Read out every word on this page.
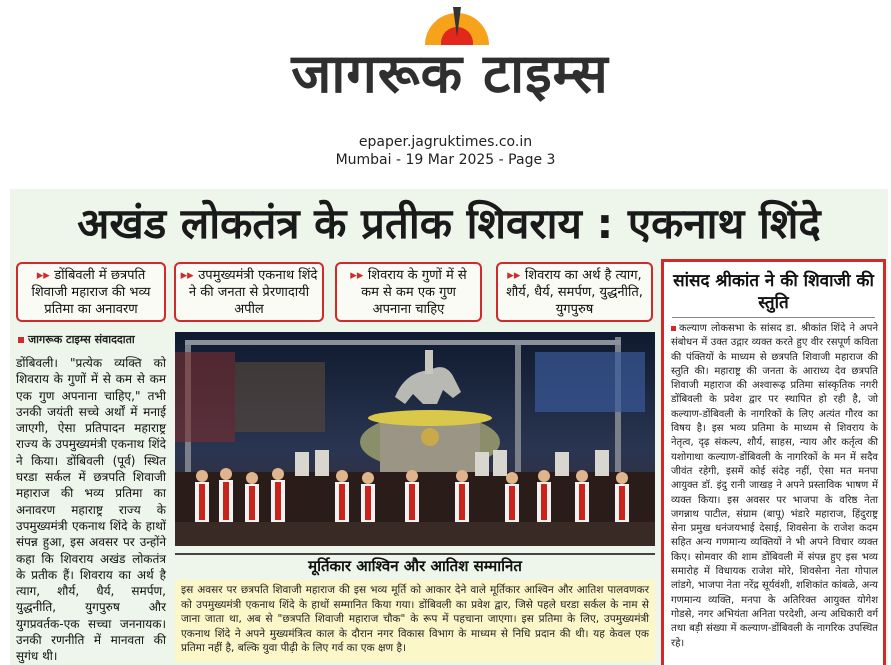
जागरूक टाइम्स
epaper.jagruktimes.co.in
Mumbai - 19 Mar 2025 - Page 3
अखंड लोकतंत्र के प्रतीक शिवराय : एकनाथ शिंदे
▸▸ डोंबिवली में छत्रपति शिवाजी महाराज की भव्य प्रतिमा का अनावरण
▸▸ उपमुख्यमंत्री एकनाथ शिंदे ने की जनता से प्रेरणादायी अपील
▸▸ शिवराय के गुणों में से कम से कम एक गुण अपनाना चाहिए
▸▸ शिवराय का अर्थ है त्याग, शौर्य, धैर्य, समर्पण, युद्धनीति, युगपुरुष
जागरूक टाइम्स संवाददाता
डोंबिवली। "प्रत्येक व्यक्ति को शिवराय के गुणों में से कम से कम एक गुण अपनाना चाहिए," तभी उनकी जयंती सच्चे अर्थों में मनाई जाएगी, ऐसा प्रतिपादन महाराष्ट्र राज्य के उपमुख्यमंत्री एकनाथ शिंदे ने किया। डोंबिवली (पूर्व) स्थित घरडा सर्कल में छत्रपति शिवाजी महाराज की भव्य प्रतिमा का अनावरण महाराष्ट्र राज्य के उपमुख्यमंत्री एकनाथ शिंदे के हाथों संपन्न हुआ, इस अवसर पर उन्होंने कहा कि शिवराय अखंड लोकतंत्र के प्रतीक हैं। शिवराय का अर्थ है त्याग, शौर्य, धैर्य, समर्पण, युद्धनीति, युगपुरुष और युगप्रवर्तक-एक सच्चा जननायक। उनकी रणनीति में मानवता की सुगंध थी।
मूर्तिकार आश्विन और आतिश सम्मानित
इस अवसर पर छत्रपति शिवाजी महाराज की इस भव्य मूर्ति को आकार देने वाले मूर्तिकार आश्विन और आतिश पालवणकर को उपमुख्यमंत्री एकनाथ शिंदे के हाथों सम्मानित किया गया। डोंबिवली का प्रवेश द्वार, जिसे पहले घरडा सर्कल के नाम से जाना जाता था, अब से "छत्रपति शिवाजी महाराज चौक" के रूप में पहचाना जाएगा। इस प्रतिमा के लिए, उपमुख्यमंत्री एकनाथ शिंदे ने अपने मुख्यमंत्रित्व काल के दौरान नगर विकास विभाग के माध्यम से निधि प्रदान की थी। यह केवल एक प्रतिमा नहीं है, बल्कि युवा पीढ़ी के लिए गर्व का एक क्षण है।
सांसद श्रीकांत ने की शिवाजी की स्तुति
कल्याण लोकसभा के सांसद डा. श्रीकांत शिंदे ने अपने संबोधन में उक्त उद्गार व्यक्त करते हुए वीर रसपूर्ण कविता की पंक्तियों के माध्यम से छत्रपति शिवाजी महाराज की स्तुति की। महाराष्ट्र की जनता के आराध्य देव छत्रपति शिवाजी महाराज की अश्वारूढ़ प्रतिमा सांस्कृतिक नगरी डोंबिवली के प्रवेश द्वार पर स्थापित हो रही है, जो कल्याण-डोंबिवली के नागरिकों के लिए अत्यंत गौरव का विषय है। इस भव्य प्रतिमा के माध्यम से शिवराय के नेतृत्व, दृढ़ संकल्प, शौर्य, साहस, न्याय और कर्तृत्व की यशोगाथा कल्याण-डोंबिवली के नागरिकों के मन में सदैव जीवंत रहेगी, इसमें कोई संदेह नहीं, ऐसा मत मनपा आयुक्त डॉ. इंदु रानी जाखड़ ने अपने प्रस्ताविक भाषण में व्यक्त किया। इस अवसर पर भाजपा के वरिष्ठ नेता जगन्नाथ पाटील, संग्राम (बापू) भंडारे महाराज, हिंदुराष्ट्र सेना प्रमुख धनंजयभाई देसाई, शिवसेना के राजेश कदम सहित अन्य गणमान्य व्यक्तियों ने भी अपने विचार व्यक्त किए। सोमवार की शाम डोंबिवली में संपन्न हुए इस भव्य समारोह में विधायक राजेश मोरे, शिवसेना नेता गोपाल लांडगे, भाजपा नेता नरेंद्र सूर्यवंशी, शशिकांत कांबळे, अन्य गणमान्य व्यक्ति, मनपा के अतिरिक्त आयुक्त योगेश गोडसे, नगर अभियंता अनिता परदेशी, अन्य अधिकारी वर्ग तथा बड़ी संख्या में कल्याण-डोंबिवली के नागरिक उपस्थित रहे।
